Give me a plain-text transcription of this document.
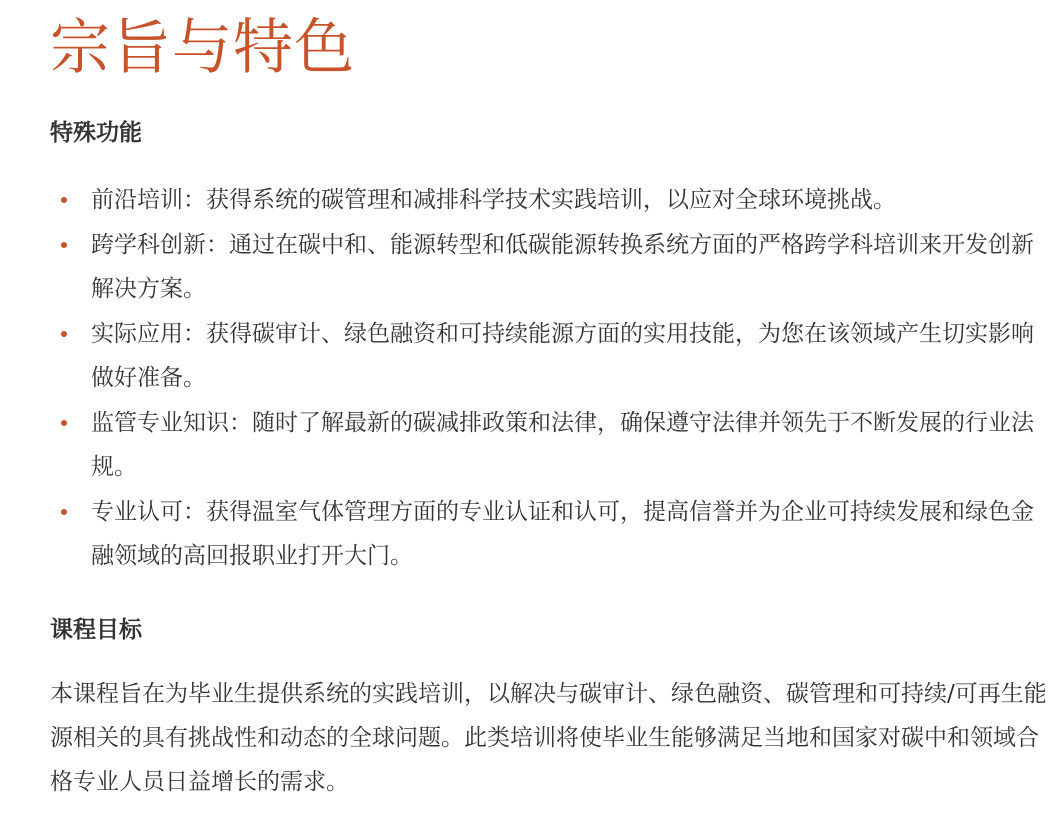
宗旨与特色
特殊功能
前沿培训：获得系统的碳管理和减排科学技术实践培训，以应对全球环境挑战。
跨学科创新：通过在碳中和、能源转型和低碳能源转换系统方面的严格跨学科培训来开发创新解决方案。
实际应用：获得碳审计、绿色融资和可持续能源方面的实用技能，为您在该领域产生切实影响做好准备。
监管专业知识：随时了解最新的碳减排政策和法律，确保遵守法律并领先于不断发展的行业法规。
专业认可：获得温室气体管理方面的专业认证和认可，提高信誉并为企业可持续发展和绿色金融领域的高回报职业打开大门。
课程目标

本课程旨在为毕业生提供系统的实践培训，以解决与碳审计、绿色融资、碳管理和可持续/可再生能源相关的具有挑战性和动态的全球问题。此类培训将使毕业生能够满足当地和国家对碳中和领域合格专业人员日益增长的需求。
